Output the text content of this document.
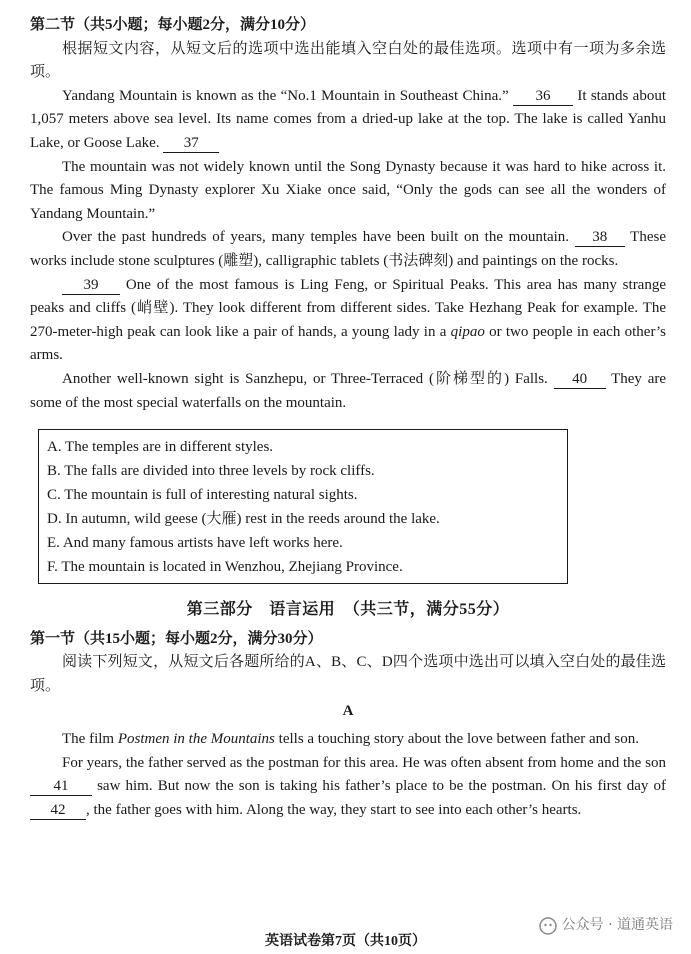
第二节（共5小题；每小题2分，满分10分）

根据短文内容，从短文后的选项中选出能填入空白处的最佳选项。选项中有一项为多余选项。

Yandang Mountain is known as the “No.1 Mountain in Southeast China.” 36 It stands about 1,057 meters above sea level. Its name comes from a dried-up lake at the top. The lake is called Yanhu Lake, or Goose Lake. 37

The mountain was not widely known until the Song Dynasty because it was hard to hike across it. The famous Ming Dynasty explorer Xu Xiake once said, “Only the gods can see all the wonders of Yandang Mountain.”

Over the past hundreds of years, many temples have been built on the mountain. 38 These works include stone sculptures (雕塑), calligraphic tablets (书法碑刻) and paintings on the rocks.

39 One of the most famous is Ling Feng, or Spiritual Peaks. This area has many strange peaks and cliffs (峭壁). They look different from different sides. Take Hezhang Peak for example. The 270-meter-high peak can look like a pair of hands, a young lady in a qipao or two people in each other’s arms.

Another well-known sight is Sanzhepu, or Three-Terraced (阶梯型的) Falls. 40 They are some of the most special waterfalls on the mountain.

A. The temples are in different styles.
B. The falls are divided into three levels by rock cliffs.
C. The mountain is full of interesting natural sights.
D. In autumn, wild geese (大雁) rest in the reeds around the lake.
E. And many famous artists have left works here.
F. The mountain is located in Wenzhou, Zhejiang Province.
第三部分　语言运用　（共三节，满分55分）

第一节（共15小题；每小题2分，满分30分）

阅读下列短文，从短文后各题所给的A、B、C、D四个选项中选出可以填入空白处的最佳选项。

A

The film Postmen in the Mountains tells a touching story about the love between father and son.

For years, the father served as the postman for this area. He was often absent from home and the son 41 saw him. But now the son is taking his father’s place to be the postman. On his first day of 42 , the father goes with him. Along the way, they start to see into each other’s hearts.

公众号 · 道通英语
英语试卷第7页（共10页）
